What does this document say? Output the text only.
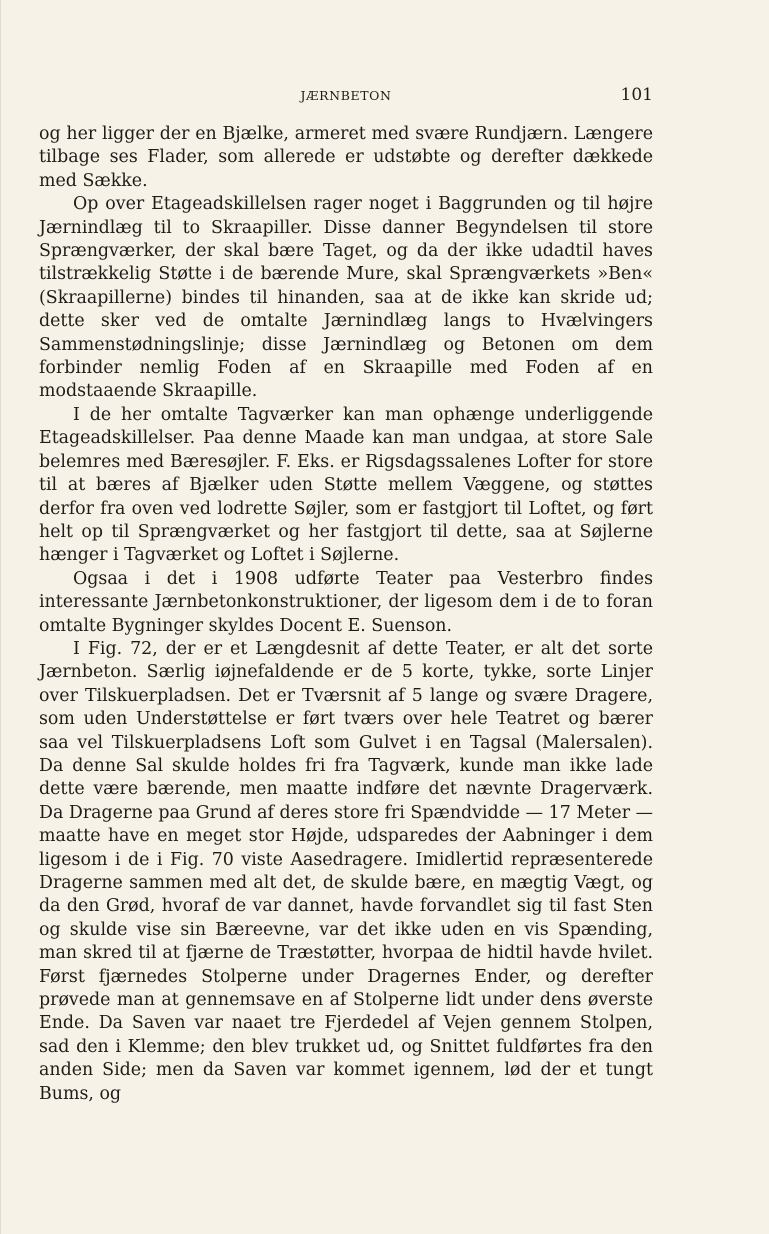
JÆRNBETON	101

og her ligger der en Bjælke, armeret med svære Rundjærn. Længere tilbage ses Flader, som allerede er udstøbte og derefter dækkede med Sække.

Op over Etageadskillelsen rager noget i Baggrunden og til højre Jærnindlæg til to Skraapiller. Disse danner Begyndelsen til store Sprængværker, der skal bære Taget, og da der ikke udadtil haves tilstrækkelig Støtte i de bærende Mure, skal Sprængværkets »Ben« (Skraapillerne) bindes til hinanden, saa at de ikke kan skride ud; dette sker ved de omtalte Jærnindlæg langs to Hvælvingers Sammenstødningslinje; disse Jærnindlæg og Betonen om dem forbinder nemlig Foden af en Skraapille med Foden af en modstaaende Skraapille.

I de her omtalte Tagværker kan man ophænge underliggende Etageadskillelser. Paa denne Maade kan man undgaa, at store Sale belemres med Bæresøjler. F. Eks. er Rigsdagssalenes Lofter for store til at bæres af Bjælker uden Støtte mellem Væggene, og støttes derfor fra oven ved lodrette Søjler, som er fastgjort til Loftet, og ført helt op til Sprængværket og her fastgjort til dette, saa at Søjlerne hænger i Tagværket og Loftet i Søjlerne.

Ogsaa i det i 1908 udførte Teater paa Vesterbro findes interessante Jærnbetonkonstruktioner, der ligesom dem i de to foran omtalte Bygninger skyldes Docent E. Suenson.

I Fig. 72, der er et Længdesnit af dette Teater, er alt det sorte Jærnbeton. Særlig iøjnefaldende er de 5 korte, tykke, sorte Linjer over Tilskuerpladsen. Det er Tværsnit af 5 lange og svære Dragere, som uden Understøttelse er ført tværs over hele Teatret og bærer saa vel Tilskuerpladsens Loft som Gulvet i en Tagsal (Malersalen). Da denne Sal skulde holdes fri fra Tagværk, kunde man ikke lade dette være bærende, men maatte indføre det nævnte Dragerværk. Da Dragerne paa Grund af deres store fri Spændvidde — 17 Meter — maatte have en meget stor Højde, udsparedes der Aabninger i dem ligesom i de i Fig. 70 viste Aasedragere. Imidlertid repræsenterede Dragerne sammen med alt det, de skulde bære, en mægtig Vægt, og da den Grød, hvoraf de var dannet, havde forvandlet sig til fast Sten og skulde vise sin Bæreevne, var det ikke uden en vis Spænding, man skred til at fjærne de Træstøtter, hvorpaa de hidtil havde hvilet. Først fjærnedes Stolperne under Dragernes Ender, og derefter prøvede man at gennemsave en af Stolperne lidt under dens øverste Ende. Da Saven var naaet tre Fjerdedel af Vejen gennem Stolpen, sad den i Klemme; den blev trukket ud, og Snittet fuldførtes fra den anden Side; men da Saven var kommet igennem, lød der et tungt Bums, og
